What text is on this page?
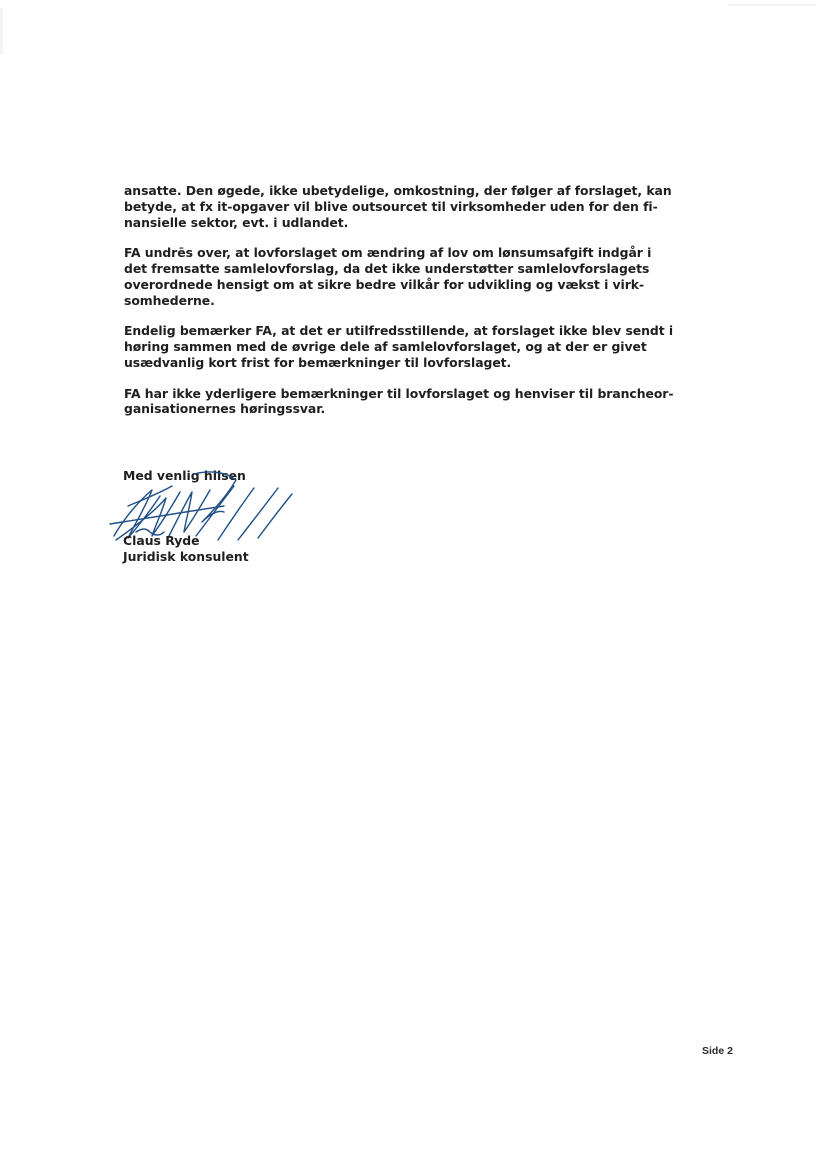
ansatte. Den øgede, ikke ubetydelige, omkostning, der følger af forslaget, kan
betyde, at fx it-opgaver vil blive outsourcet til virksomheder uden for den fi-
nansielle sektor, evt. i udlandet.
FA undrēs over, at lovforslaget om ændring af lov om lønsumsafgift indgår i
det fremsatte samlelovforslag, da det ikke understøtter samlelovforslagets
overordnede hensigt om at sikre bedre vilkår for udvikling og vækst i virk-
somhederne.
Endelig bemærker FA, at det er utilfredsstillende, at forslaget ikke blev sendt i
høring sammen med de øvrige dele af samlelovforslaget, og at der er givet
usædvanlig kort frist for bemærkninger til lovforslaget.
FA har ikke yderligere bemærkninger til lovforslaget og henviser til brancheor-
ganisationernes høringssvar.
Med venlig hilsen
Claus Ryde
Juridisk konsulent
Side 2
